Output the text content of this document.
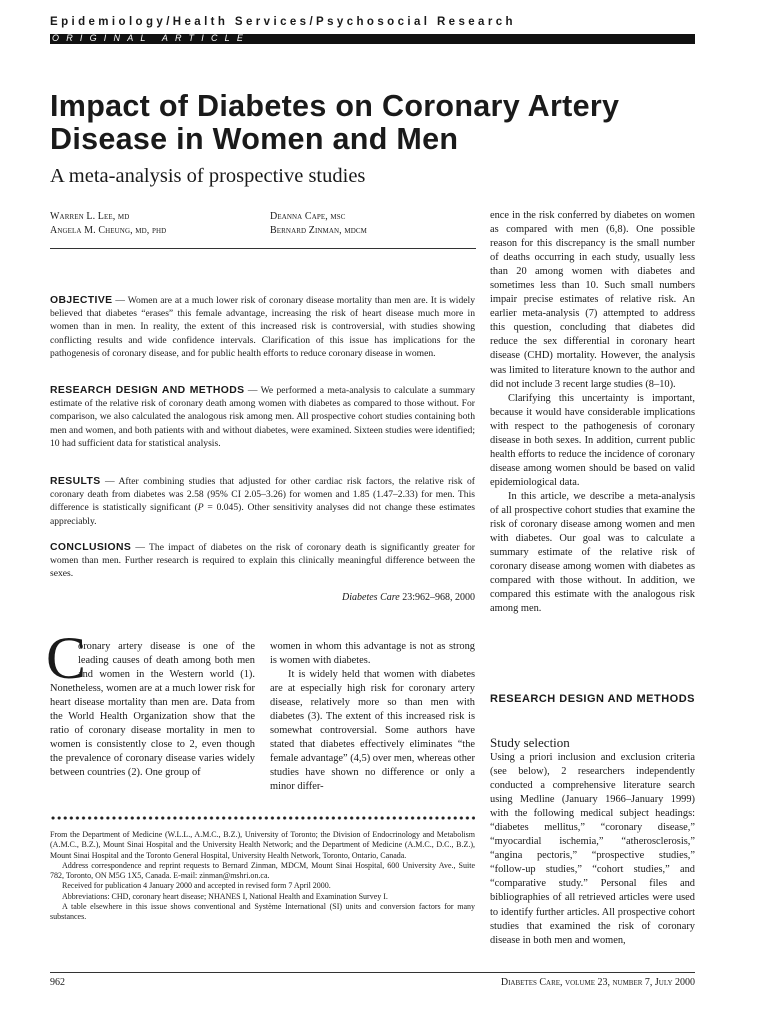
Epidemiology/Health Services/Psychosocial Research
ORIGINAL ARTICLE
Impact of Diabetes on Coronary Artery
Disease in Women and Men
A meta-analysis of prospective studies
Warren L. Lee, md
Angela M. Cheung, md, phd
Deanna Cape, msc
Bernard Zinman, mdcm
OBJECTIVE — Women are at a much lower risk of coronary disease mortality than men are. It is widely believed that diabetes “erases” this female advantage, increasing the risk of heart disease much more in women than in men. In reality, the extent of this increased risk is controversial, with studies showing conflicting results and wide confidence intervals. Clarification of this issue has implications for the pathogenesis of coronary disease, and for public health efforts to reduce coronary disease in women.
RESEARCH DESIGN AND METHODS — We performed a meta-analysis to calculate a summary estimate of the relative risk of coronary death among women with diabetes as compared to those without. For comparison, we also calculated the analogous risk among men. All prospective cohort studies containing both men and women, and both patients with and without diabetes, were examined. Sixteen studies were identified; 10 had sufficient data for statistical analysis.
RESULTS — After combining studies that adjusted for other cardiac risk factors, the relative risk of coronary death from diabetes was 2.58 (95% CI 2.05–3.26) for women and 1.85 (1.47–2.33) for men. This difference is statistically significant (P = 0.045). Other sensitivity analyses did not change these estimates appreciably.
CONCLUSIONS — The impact of diabetes on the risk of coronary death is significantly greater for women than men. Further research is required to explain this clinically meaningful difference between the sexes.
Diabetes Care 23:962–968, 2000
C

oronary artery disease is one of the leading causes of death among both men and women in the Western world (1). Nonetheless, women are at a much lower risk for heart disease mortality than men are. Data from the World Health Organization show that the ratio of coronary disease mortality in men to women is consistently close to 2, even though the prevalence of coronary disease varies widely between countries (2). One group of

women in whom this advantage is not as strong is women with diabetes.

It is widely held that women with diabetes are at especially high risk for coronary artery disease, relatively more so than men with diabetes (3). The extent of this increased risk is somewhat controversial. Some authors have stated that diabetes effectively eliminates “the female advantage” (4,5) over men, whereas other studies have shown no difference or only a minor differ-

From the Department of Medicine (W.L.L., A.M.C., B.Z.), University of Toronto; the Division of Endocrinology and Metabolism (A.M.C., B.Z.), Mount Sinai Hospital and the University Health Network; and the Department of Medicine (A.M.C., D.C., B.Z.), Mount Sinai Hospital and the Toronto General Hospital, University Health Network, Toronto, Ontario, Canada.

Address correspondence and reprint requests to Bernard Zinman, MDCM, Mount Sinai Hospital, 600 University Ave., Suite 782, Toronto, ON M5G 1X5, Canada. E-mail: zinman@mshri.on.ca.

Received for publication 4 January 2000 and accepted in revised form 7 April 2000.

Abbreviations: CHD, coronary heart disease; NHANES I, National Health and Examination Survey I.

A table elsewhere in this issue shows conventional and Système International (SI) units and conversion factors for many substances.

ence in the risk conferred by diabetes on women as compared with men (6,8). One possible reason for this discrepancy is the small number of deaths occurring in each study, usually less than 20 among women with diabetes and sometimes less than 10. Such small numbers impair precise estimates of relative risk. An earlier meta-analysis (7) attempted to address this question, concluding that diabetes did reduce the sex differential in coronary heart disease (CHD) mortality. However, the analysis was limited to literature known to the author and did not include 3 recent large studies (8–10).

Clarifying this uncertainty is important, because it would have considerable implications with respect to the pathogenesis of coronary disease in both sexes. In addition, current public health efforts to reduce the incidence of coronary disease among women should be based on valid epidemiological data.

In this article, we describe a meta-analysis of all prospective cohort studies that examine the risk of coronary disease among women and men with diabetes. Our goal was to calculate a summary estimate of the relative risk of coronary disease among women with diabetes as compared with those without. In addition, we compared this estimate with the analogous risk among men.

RESEARCH DESIGN AND METHODS
Study selection

Using a priori inclusion and exclusion criteria (see below), 2 researchers independently conducted a comprehensive literature search using Medline (January 1966–January 1999) with the following medical subject headings: “diabetes mellitus,” “coronary disease,” “myocardial ischemia,” “atherosclerosis,” “angina pectoris,” “prospective studies,” “follow-up studies,” “cohort studies,” and “comparative study.” Personal files and bibliographies of all retrieved articles were used to identify further articles. All prospective cohort studies that examined the risk of coronary disease in both men and women,

962	Diabetes Care, volume 23, number 7, July 2000
